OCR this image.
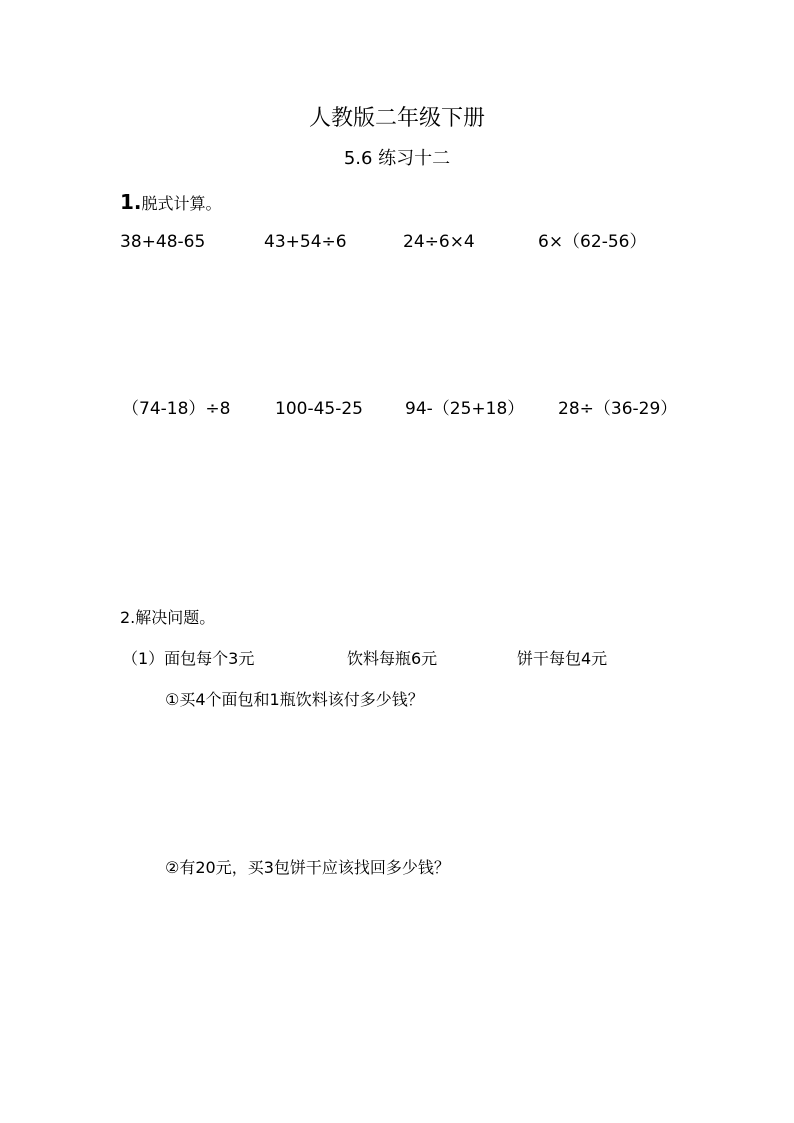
人教版二年级下册
5.6 练习十二
1.脱式计算。
38+48-65	43+54÷6	24÷6×4	6×（62-56）
（74-18）÷8	100-45-25 94-（25+18） 28÷（36-29）
2.解决问题。
（1）面包每个3元	饮料每瓶6元	饼干每包4元
①买4个面包和1瓶饮料该付多少钱？
②有20元，买3包饼干应该找回多少钱？
